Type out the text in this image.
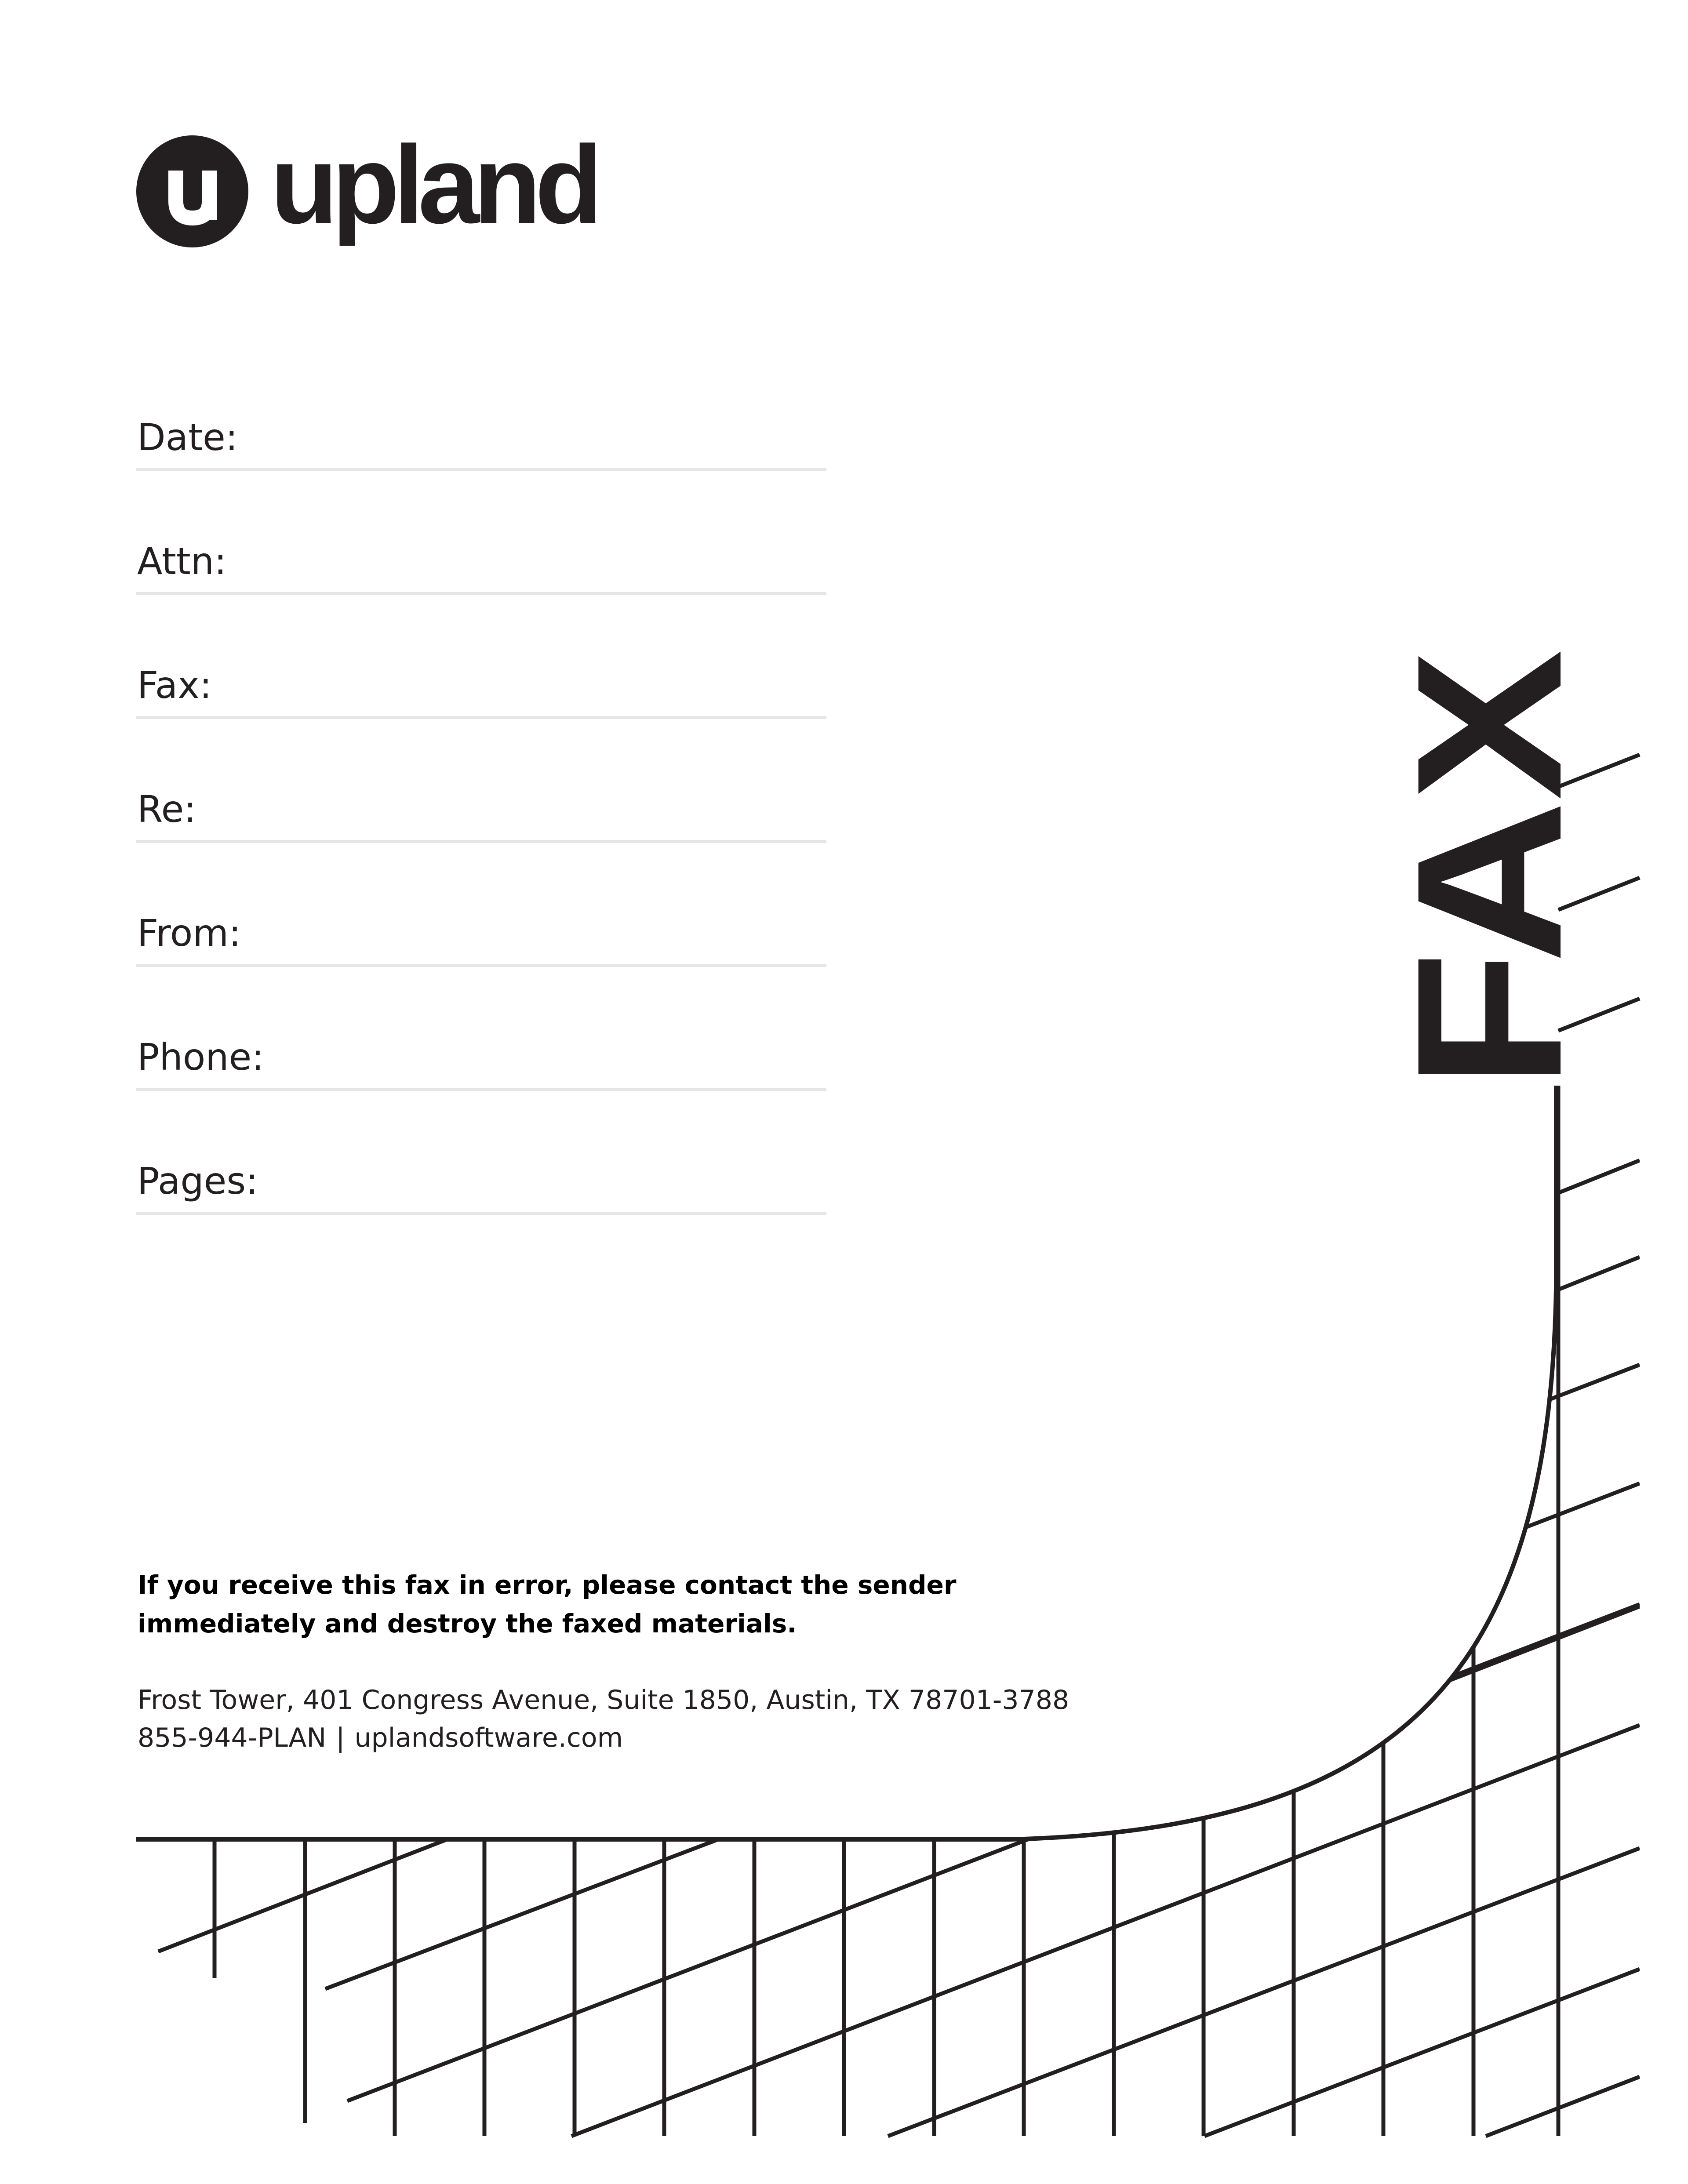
upland
Date:
Attn:
Fax:
Re:
From:
Phone:
Pages:
If you receive this fax in error, please contact the sender
immediately and destroy the faxed materials.
Frost Tower, 401 Congress Avenue, Suite 1850, Austin, TX 78701-3788
855-944-PLAN | uplandsoftware.com
FAX
